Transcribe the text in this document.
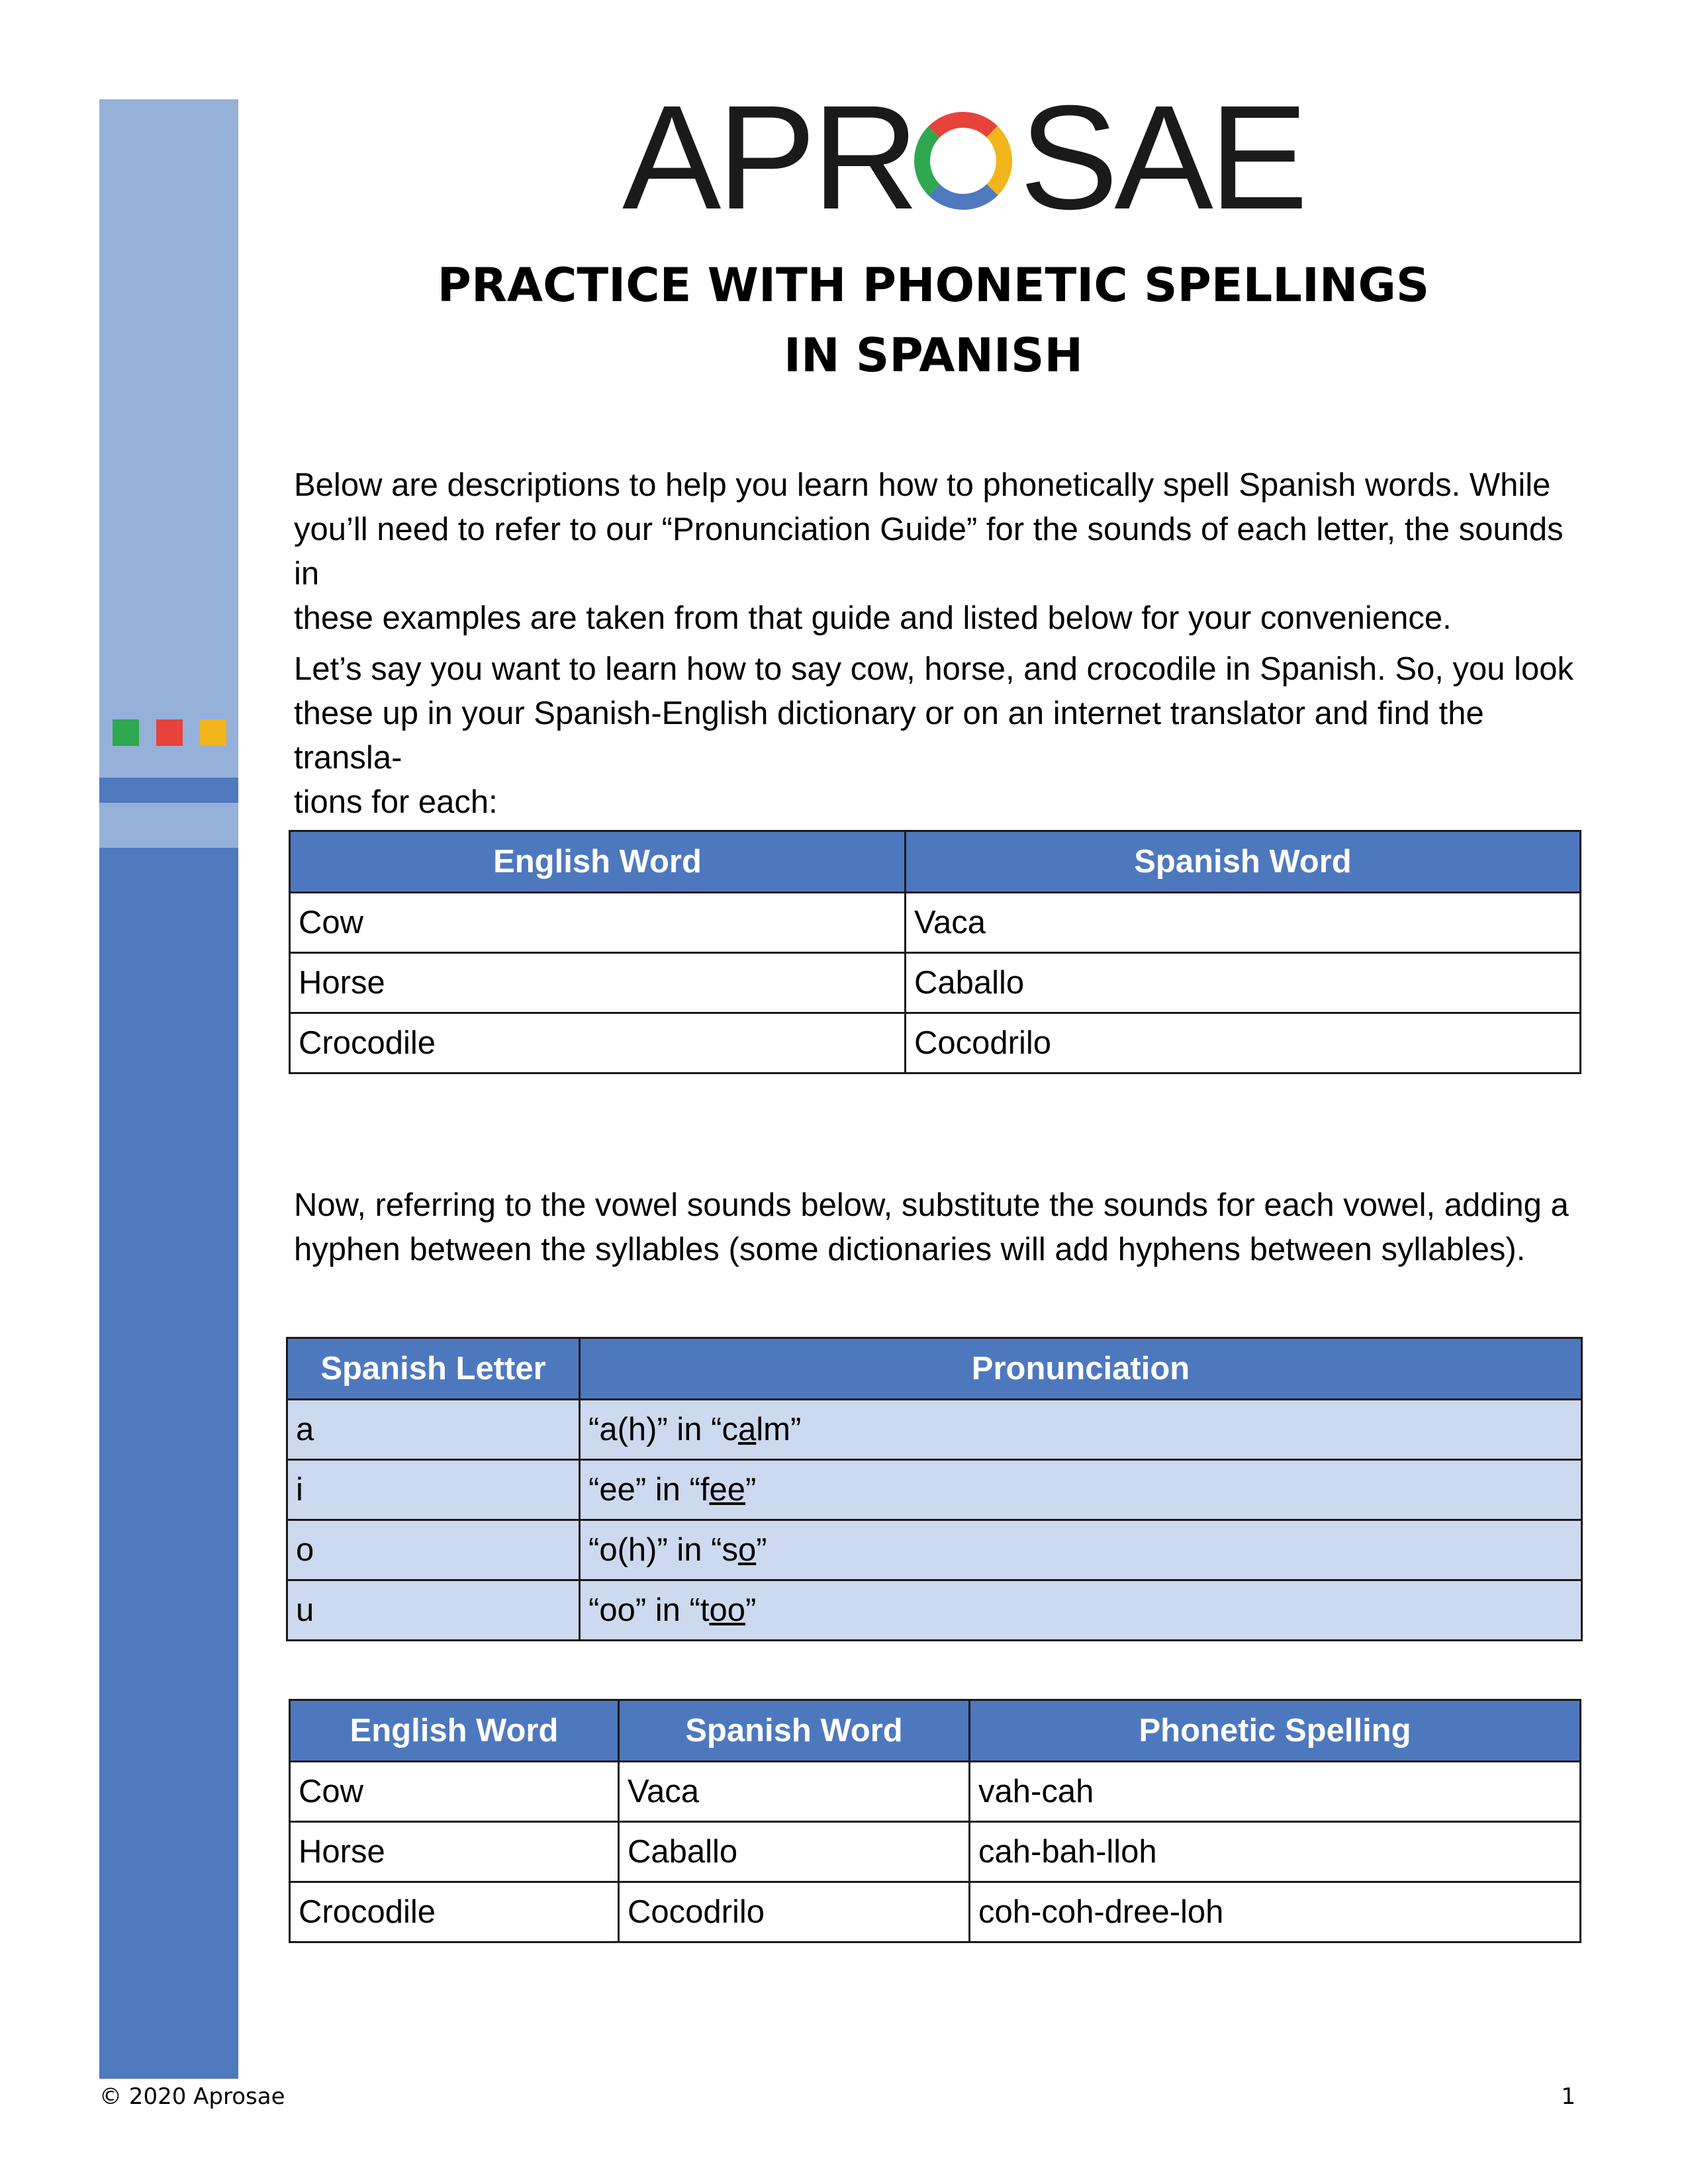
APR SAE
PRACTICE WITH PHONETIC SPELLINGS
IN SPANISH
Below are descriptions to help you learn how to phonetically spell Spanish words. While
you’ll need to refer to our “Pronunciation Guide” for the sounds of each letter, the sounds in
these examples are taken from that guide and listed below for your convenience.
Let’s say you want to learn how to say cow, horse, and crocodile in Spanish. So, you look
these up in your Spanish-English dictionary or on an internet translator and find the transla-
tions for each:
English Word	Spanish Word
Cow	Vaca
Horse	Caballo
Crocodile	Cocodrilo
Now, referring to the vowel sounds below, substitute the sounds for each vowel, adding a
hyphen between the syllables (some dictionaries will add hyphens between syllables).
Spanish Letter	Pronunciation
a	“a(h)” in “calm”
i	“ee” in “fee”
o	“o(h)” in “so”
u	“oo” in “too”
English Word	Spanish Word	Phonetic Spelling
Cow	Vaca	vah-cah
Horse	Caballo	cah-bah-lloh
Crocodile	Cocodrilo	coh-coh-dree-loh
© 2020 Aprosae	1
